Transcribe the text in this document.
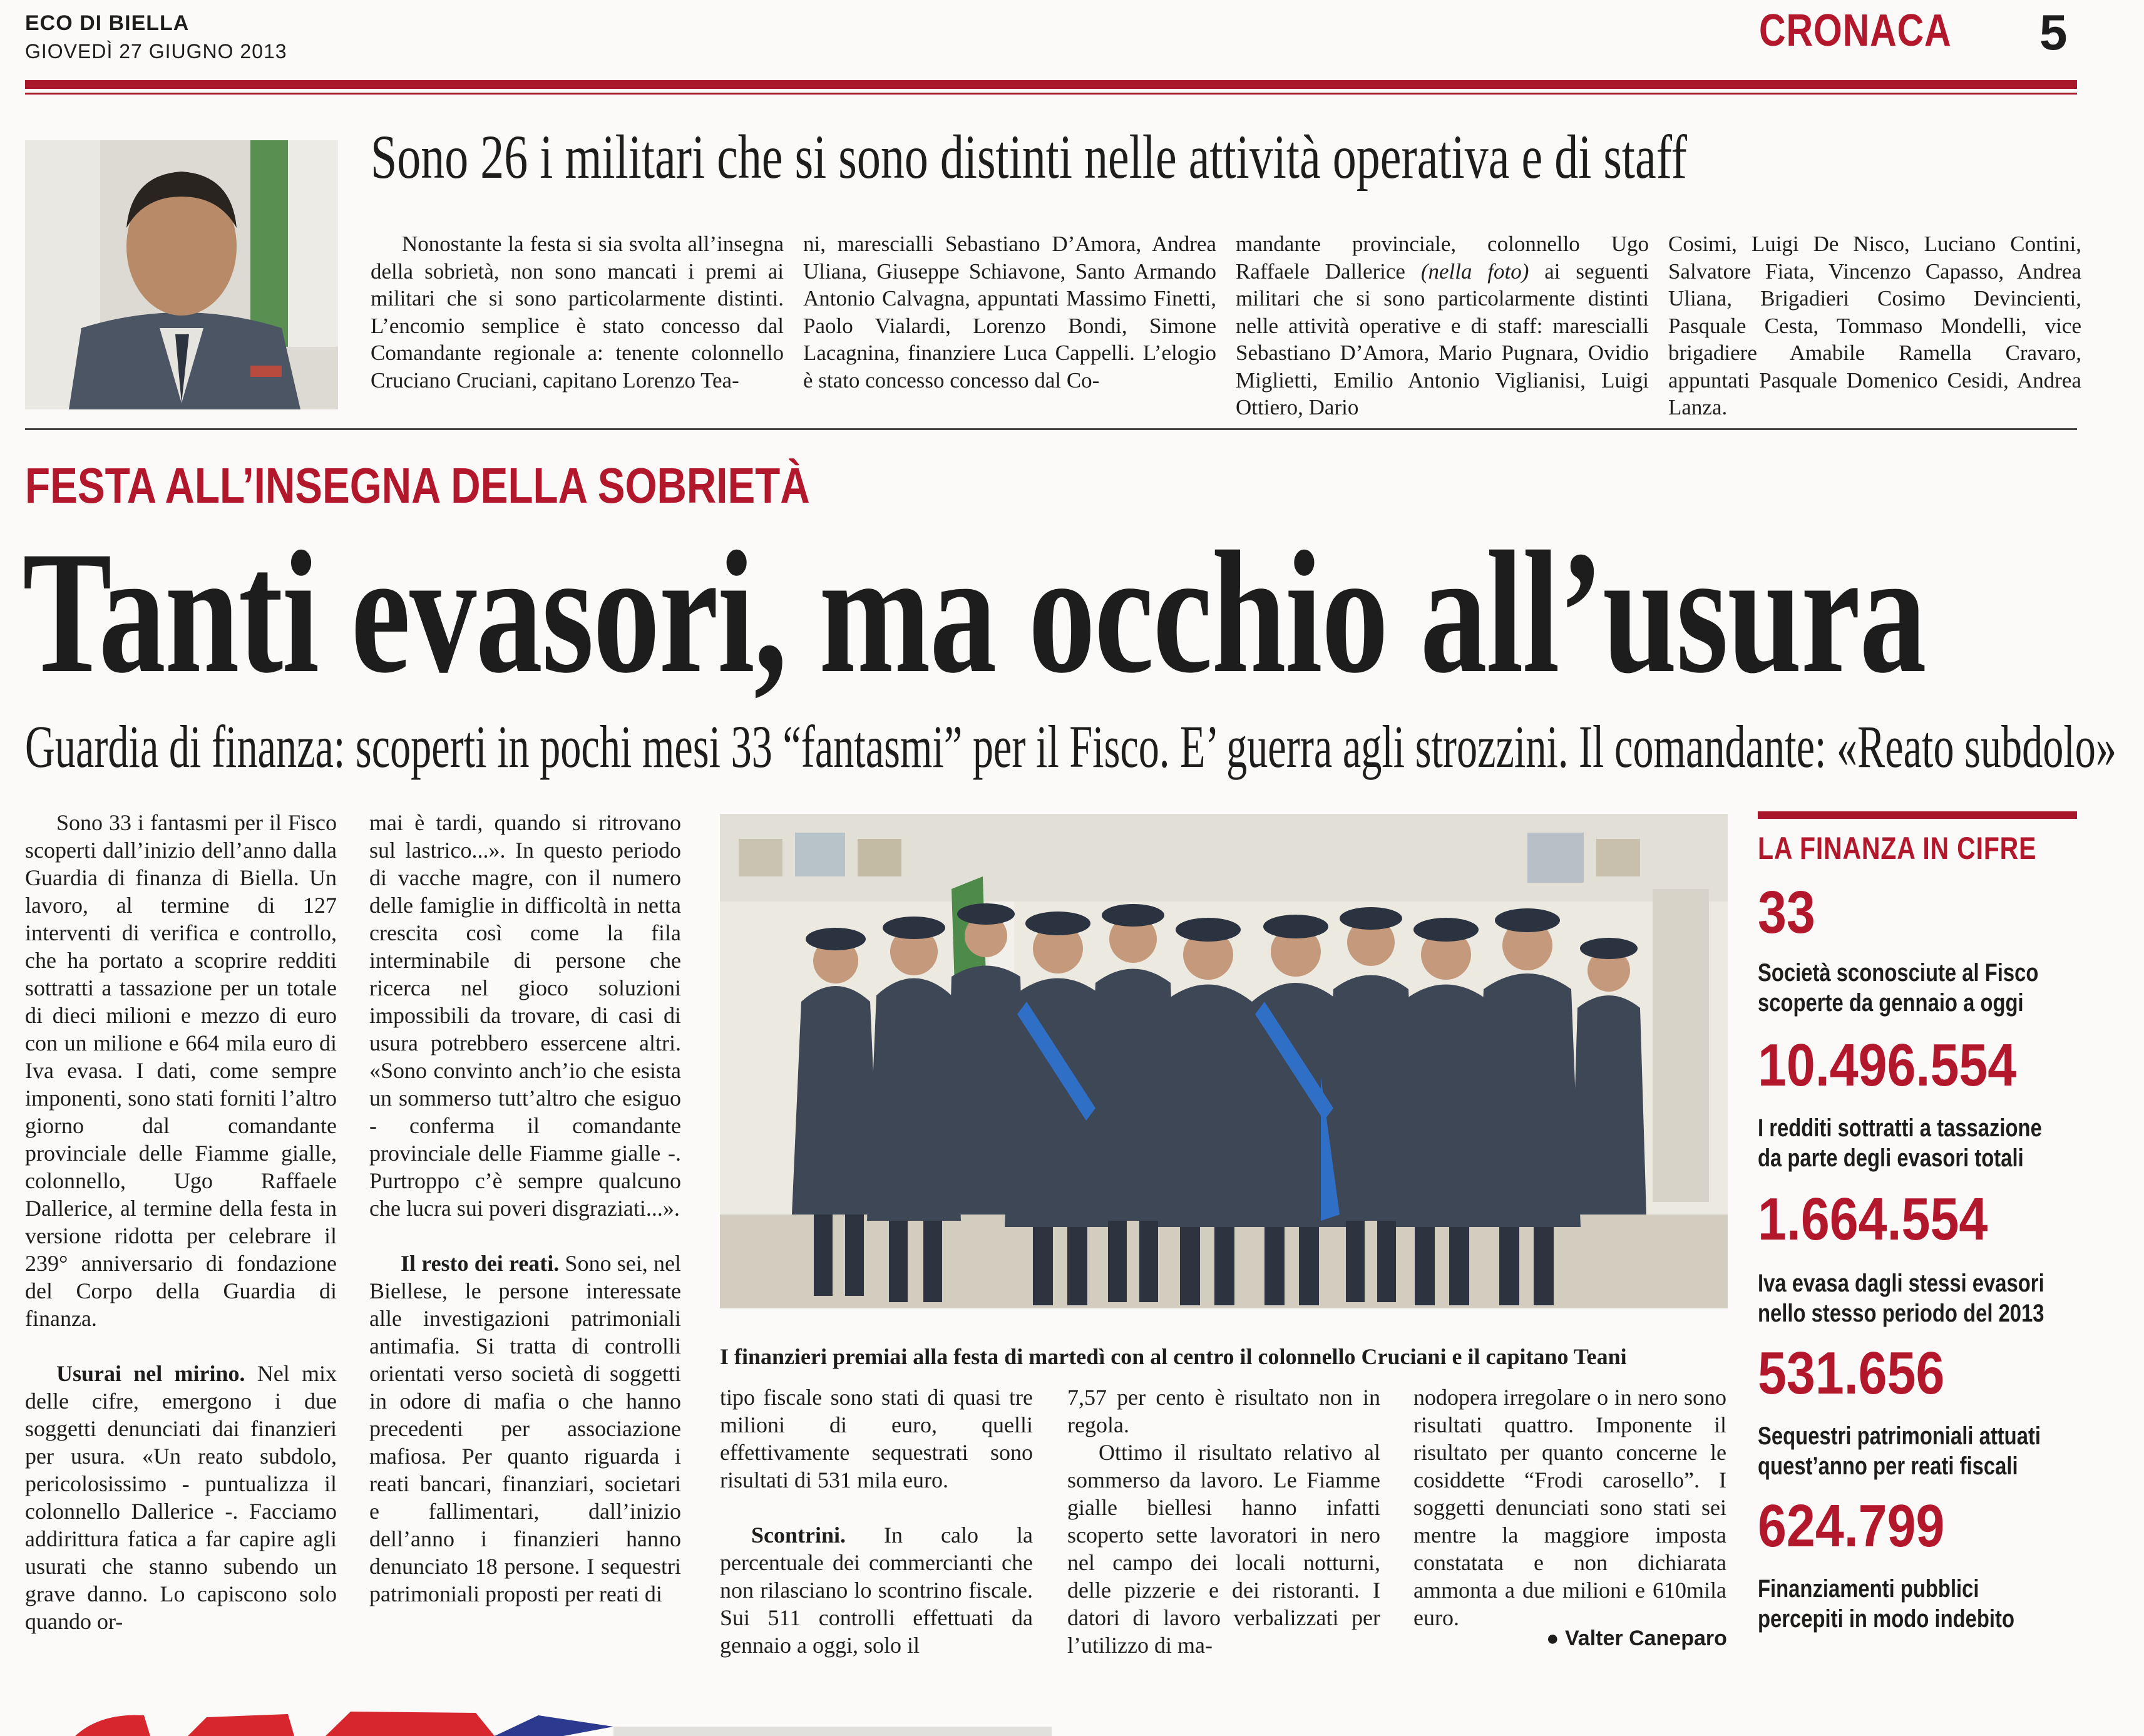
ECO DI BIELLA
GIOVEDÌ 27 GIUGNO 2013	CRONACA 5
Sono 26 i militari che si sono distinti nelle attività operativa e di staff

Nonostante la festa si sia svolta all’insegna della sobrietà, non sono mancati i premi ai militari che si sono particolarmente distinti. L’encomio semplice è stato concesso dal Comandante regionale a: tenente colonnello Cruciano Cruciani, capitano Lorenzo Tea-

ni, marescialli Sebastiano D’Amora, Andrea Uliana, Giuseppe Schiavone, Santo Armando Antonio Calvagna, appuntati Massimo Finetti, Paolo Vialardi, Lorenzo Bondi, Simone Lacagnina, finanziere Luca Cappelli. L’elogio è stato concesso concesso dal Co-

mandante provinciale, colonnello Ugo Raffaele Dallerice (nella foto) ai seguenti militari che si sono particolarmente distinti nelle attività operative e di staff: marescialli Sebastiano D’Amora, Mario Pugnara, Ovidio Miglietti, Emilio Antonio Viglianisi, Luigi Ottiero, Dario

Cosimi, Luigi De Nisco, Luciano Contini, Salvatore Fiata, Vincenzo Capasso, Andrea Uliana, Brigadieri Cosimo Devincienti, Pasquale Cesta, Tommaso Mondelli, vice brigadiere Amabile Ramella Cravaro, appuntati Pasquale Domenico Cesidi, Andrea Lanza.

FESTA ALL’INSEGNA DELLA SOBRIETÀ
Tanti evasori, ma occhio all’usura
Guardia di finanza: scoperti in pochi mesi 33 “fantasmi” per il Fisco. E’ guerra agli strozzini. Il comandante: «Reato subdolo»

Sono 33 i fantasmi per il Fisco scoperti dall’inizio dell’anno dalla Guardia di finanza di Biella. Un lavoro, al termine di 127 interventi di verifica e controllo, che ha portato a scoprire redditi sottratti a tassazione per un totale di dieci milioni e mezzo di euro con un milione e 664 mila euro di Iva evasa. I dati, come sempre imponenti, sono stati forniti l’altro giorno dal comandante provinciale delle Fiamme gialle, colonnello, Ugo Raffaele Dallerice, al termine della festa in versione ridotta per celebrare il 239° anniversario di fondazione del Corpo della Guardia di finanza.

Usurai nel mirino. Nel mix delle cifre, emergono i due soggetti denunciati dai finanzieri per usura. «Un reato subdolo, pericolosissimo - puntualizza il colonnello Dallerice -. Facciamo addirittura fatica a far capire agli usurati che stanno subendo un grave danno. Lo capiscono solo quando or-

mai è tardi, quando si ritrovano sul lastrico...». In questo periodo di vacche magre, con il numero delle famiglie in difficoltà in netta crescita così come la fila interminabile di persone che ricerca nel gioco soluzioni impossibili da trovare, di casi di usura potrebbero essercene altri. «Sono convinto anch’io che esista un sommerso tutt’altro che esiguo - conferma il comandante provinciale delle Fiamme gialle -. Purtroppo c’è sempre qualcuno che lucra sui poveri disgraziati...».

Il resto dei reati. Sono sei, nel Biellese, le persone interessate alle investigazioni patrimoniali antimafia. Si tratta di controlli orientati verso società di soggetti in odore di mafia o che hanno precedenti per associazione mafiosa. Per quanto riguarda i reati bancari, finanziari, societari e fallimentari, dall’inizio dell’anno i finanzieri hanno denunciato 18 persone. I sequestri patrimoniali proposti per reati di

I finanzieri premiai alla festa di martedì con al centro il colonnello Cruciani e il capitano Teani

tipo fiscale sono stati di quasi tre milioni di euro, quelli effettivamente sequestrati sono risultati di 531 mila euro.

Scontrini. In calo la percentuale dei commercianti che non rilasciano lo scontrino fiscale. Sui 511 controlli effettuati da gennaio a oggi, solo il

7,57 per cento è risultato non in regola.

Ottimo il risultato relativo al sommerso da lavoro. Le Fiamme gialle biellesi hanno infatti scoperto sette lavoratori in nero nel campo dei locali notturni, delle pizzerie e dei ristoranti. I datori di lavoro verbalizzati per l’utilizzo di ma-

nodopera irregolare o in nero sono risultati quattro. Imponente il risultato per quanto concerne le cosiddette “Frodi carosello”. I soggetti denunciati sono stati sei mentre la maggiore imposta constatata e non dichiarata ammonta a due milioni e 610mila euro.

● Valter Caneparo
LA FINANZA IN CIFRE
33
Società sconosciute al Fisco
scoperte da gennaio a oggi
10.496.554
I redditi sottratti a tassazione
da parte degli evasori totali
1.664.554
Iva evasa dagli stessi evasori
nello stesso periodo del 2013
531.656
Sequestri patrimoniali attuati
quest’anno per reati fiscali
624.799
Finanziamenti pubblici
percepiti in modo indebito
